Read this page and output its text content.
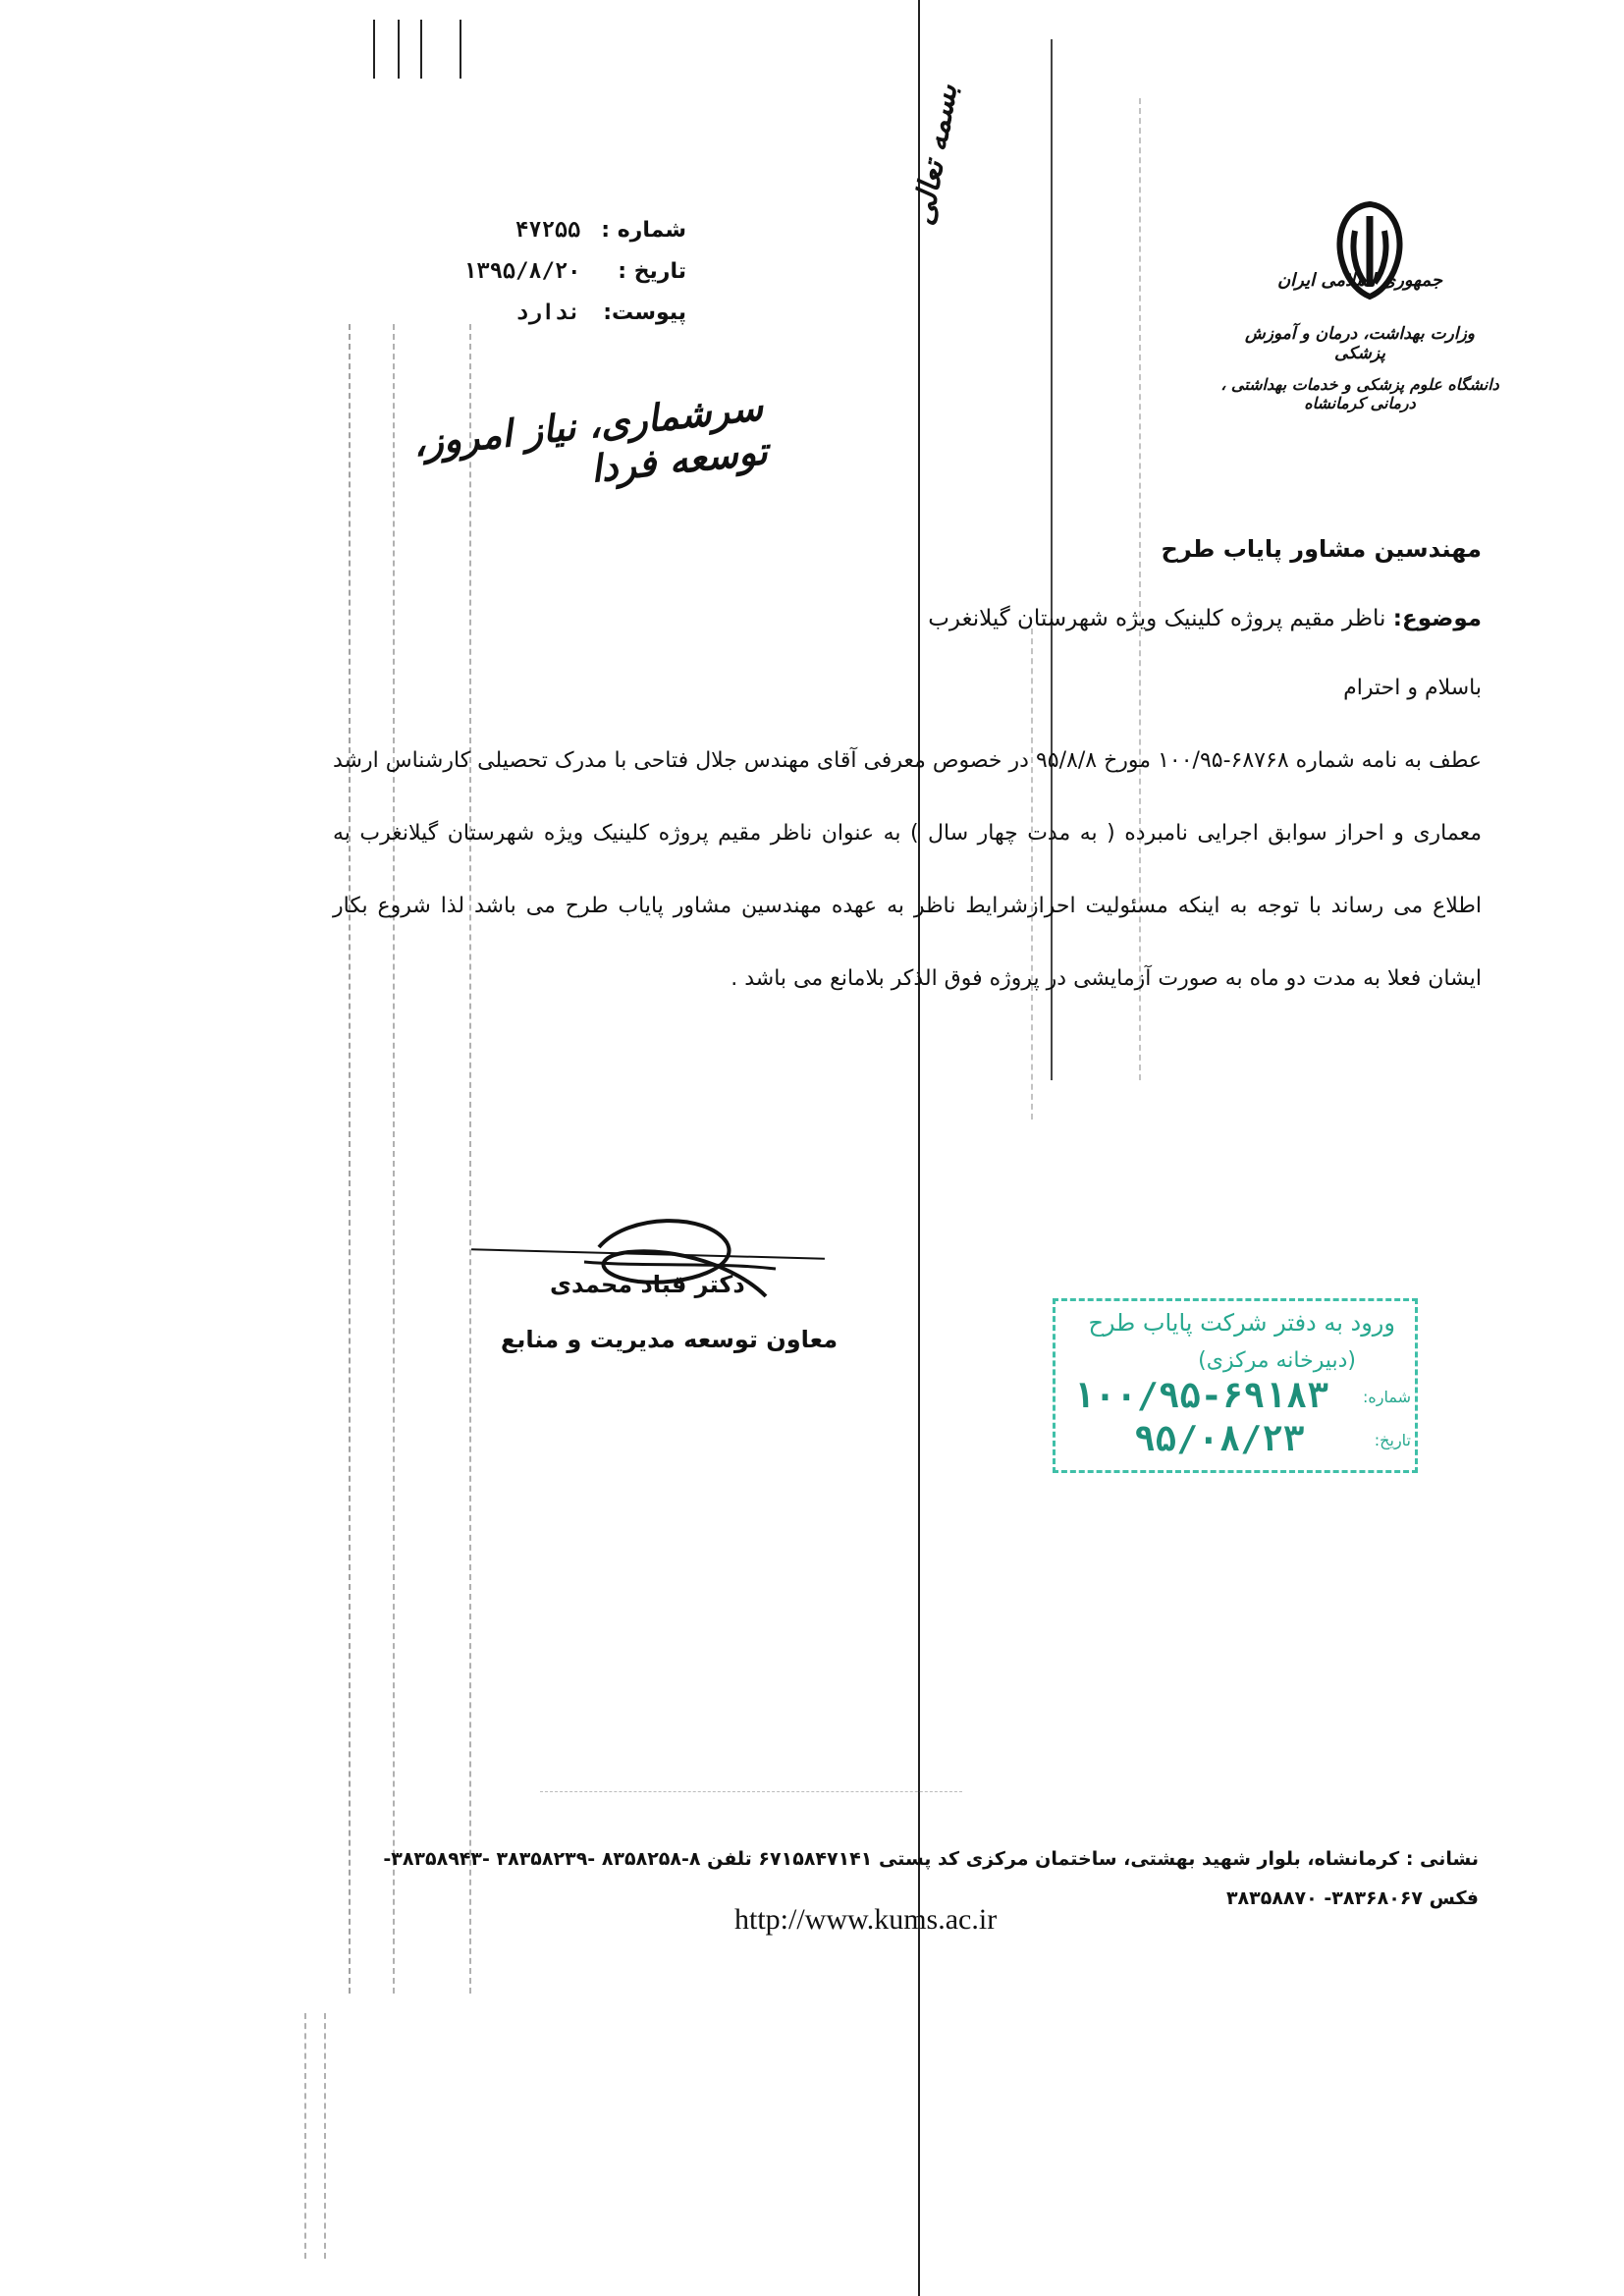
بسمه تعالی
جمهوری اسلامی ایران
وزارت بهداشت، درمان و آموزش پزشکی
دانشگاه علوم پزشکی و خدمات بهداشتی ، درمانی کرمانشاه
شماره : ۴۷۲۵۵
تاریخ : ۱۳۹۵/۸/۲۰
پیوست: ندارد
سرشماری، نیاز امروز، توسعه فردا
مهندسین مشاور پایاب طرح
موضوع: ناظر مقیم پروژه کلینیک ویژه شهرستان گیلانغرب
باسلام و احترام
عطف به نامه شماره ۶۸۷۶۸-۱۰۰/۹۵ مورخ ۹۵/۸/۸ در خصوص معرفی آقای مهندس جلال فتاحی با مدرک تحصیلی کارشناس ارشد معماری و احراز سوابق اجرایی نامبرده ( به مدت چهار سال ) به عنوان ناظر مقیم پروژه کلینیک ویژه شهرستان گیلانغرب به اطلاع می رساند با توجه به اینکه مسئولیت احرازشرایط ناظر به عهده مهندسین مشاور پایاب طرح می باشد لذا شروع بکار ایشان فعلا به مدت دو ماه به صورت آزمایشی در پروژه فوق الذکر بلامانع می باشد .
دکتر قباد محمدی
معاون توسعه مدیریت و منابع
ورود به دفتر شرکت پایاب طرح
(دبیرخانه مرکزی)
شماره:
تاریخ:
۱۰۰/۹۵-۶۹۱۸۳
۹۵/۰۸/۲۳
نشانی : کرمانشاه، بلوار شهید بهشتی، ساختمان مرکزی کد پستی ۶۷۱۵۸۴۷۱۴۱ تلفن ۸-۸۳۵۸۲۵۸ -۳۸۳۵۸۲۳۹ -۳۸۳۵۸۹۴۳- فکس ۳۸۳۶۸۰۶۷- ۳۸۳۵۸۸۷۰
http://www.kums.ac.ir
